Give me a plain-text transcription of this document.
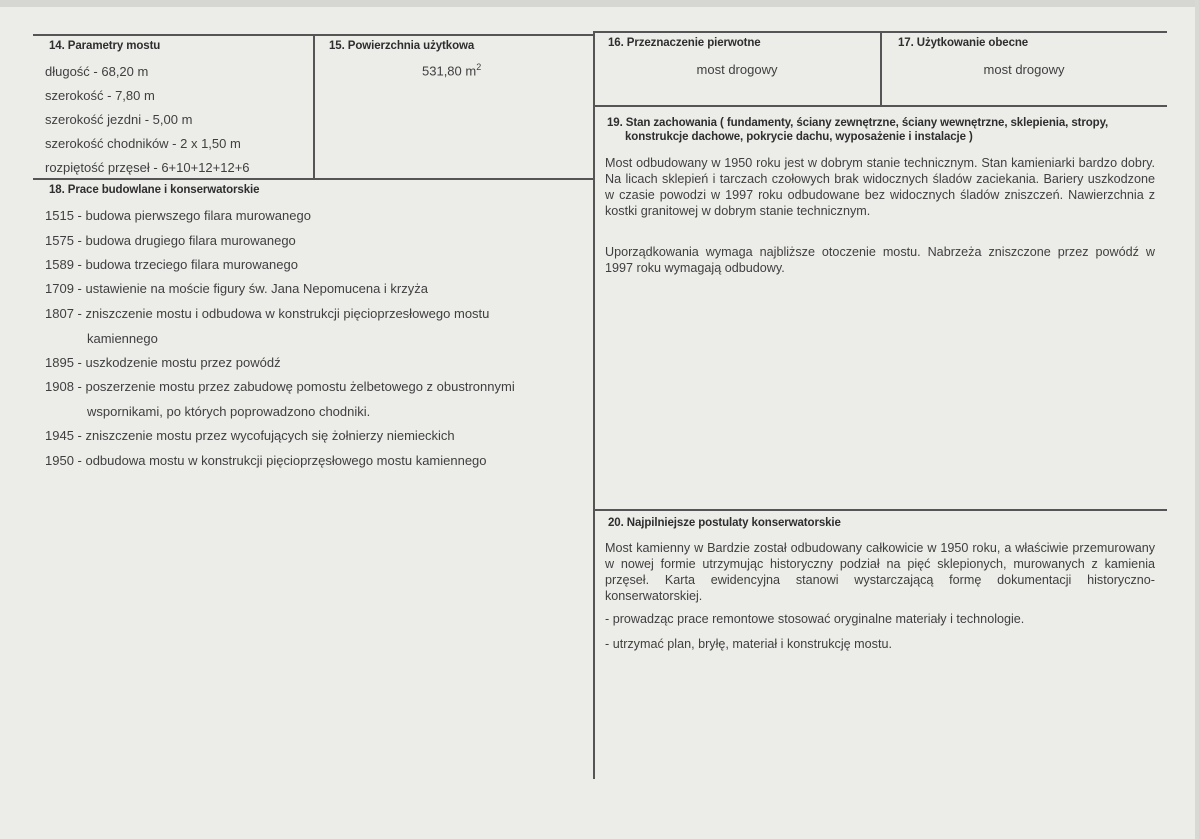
14. Parametry mostu
długość - 68,20 m
szerokość - 7,80 m
szerokość jezdni - 5,00 m
szerokość chodników - 2 x 1,50 m
rozpiętość przęseł - 6+10+12+12+6
15. Powierzchnia użytkowa
531,80 $m^2$
16. Przeznaczenie pierwotne
most drogowy
17. Użytkowanie obecne
most drogowy
18. Prace budowlane i konserwatorskie
1515 - budowa pierwszego filara murowanego
1575 - budowa drugiego filara murowanego
1589 - budowa trzeciego filara murowanego
1709 - ustawienie na moście figury św. Jana Nepomucena i krzyża
1807 - zniszczenie mostu i odbudowa w konstrukcji pięcioprzesłowego mostu
kamiennego
1895 - uszkodzenie mostu przez powódź
1908 - poszerzenie mostu przez zabudowę pomostu żelbetowego z obustronnymi
wspornikami, po których poprowadzono chodniki.
1945 - zniszczenie mostu przez wycofujących się żołnierzy niemieckich
1950 - odbudowa mostu w konstrukcji pięcioprzęsłowego mostu kamiennego
19. Stan zachowania ( fundamenty, ściany zewnętrzne, ściany wewnętrzne, sklepienia, stropy,
konstrukcje dachowe, pokrycie dachu, wyposażenie i instalacje )
Most odbudowany w 1950 roku jest w dobrym stanie technicznym. Stan kamieniarki bardzo dobry. Na licach sklepień i tarczach czołowych brak widocznych śladów zaciekania. Bariery uszkodzone w czasie powodzi w 1997 roku odbudowane bez widocznych śladów zniszczeń. Nawierzchnia z kostki granitowej w dobrym stanie technicznym.
Uporządkowania wymaga najbliższe otoczenie mostu. Nabrzeża zniszczone przez powódź w 1997 roku wymagają odbudowy.
20. Najpilniejsze postulaty konserwatorskie
Most kamienny w Bardzie został odbudowany całkowicie w 1950 roku, a właściwie przemurowany w nowej formie utrzymując historyczny podział na pięć sklepionych, murowanych z kamienia przęseł. Karta ewidencyjna stanowi wystarczającą formę dokumentacji historyczno-konserwatorskiej.
- prowadząc prace remontowe stosować oryginalne materiały i technologie.
- utrzymać plan, bryłę, materiał i konstrukcję mostu.
